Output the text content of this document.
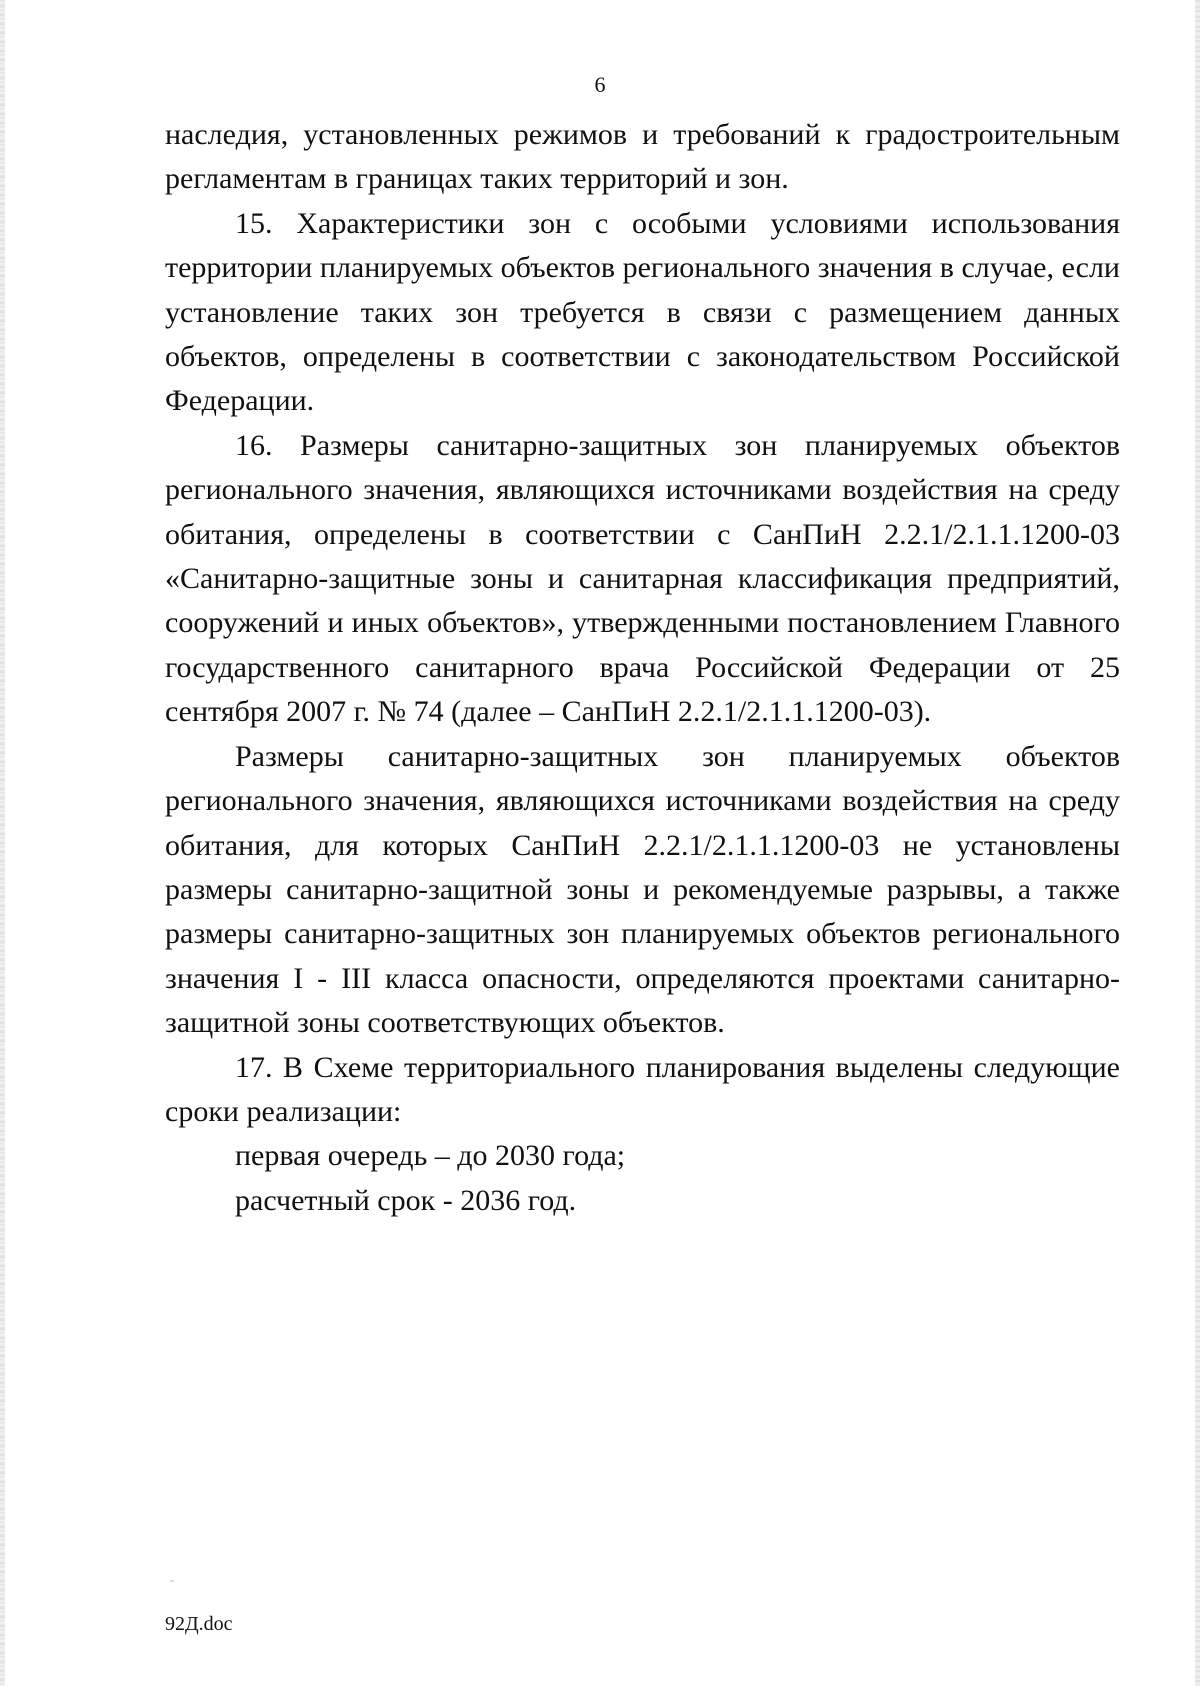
6

наследия, установленных режимов и требований к градостроительным регламентам в границах таких территорий и зон.

15. Характеристики зон с особыми условиями использования территории планируемых объектов регионального значения в случае, если установление таких зон требуется в связи с размещением данных объектов, определены в соответствии с законодательством Российской Федерации.

16. Размеры санитарно-защитных зон планируемых объектов регионального значения, являющихся источниками воздействия на среду обитания, определены в соответствии с СанПиН 2.2.1/2.1.1.1200-03 «Санитарно-защитные зоны и санитарная классификация предприятий, сооружений и иных объектов», утвержденными постановлением Главного государственного санитарного врача Российской Федерации от 25 сентября 2007 г. № 74 (далее – СанПиН 2.2.1/2.1.1.1200-03).

Размеры санитарно-защитных зон планируемых объектов регионального значения, являющихся источниками воздействия на среду обитания, для которых СанПиН 2.2.1/2.1.1.1200-03 не установлены размеры санитарно-защитной зоны и рекомендуемые разрывы, а также размеры санитарно-защитных зон планируемых объектов регионального значения I - III класса опасности, определяются проектами санитарно-защитной зоны соответствующих объектов.

17. В Схеме территориального планирования выделены следующие сроки реализации:

первая очередь – до 2030 года;

расчетный срок - 2036 год.

92Д.doc
